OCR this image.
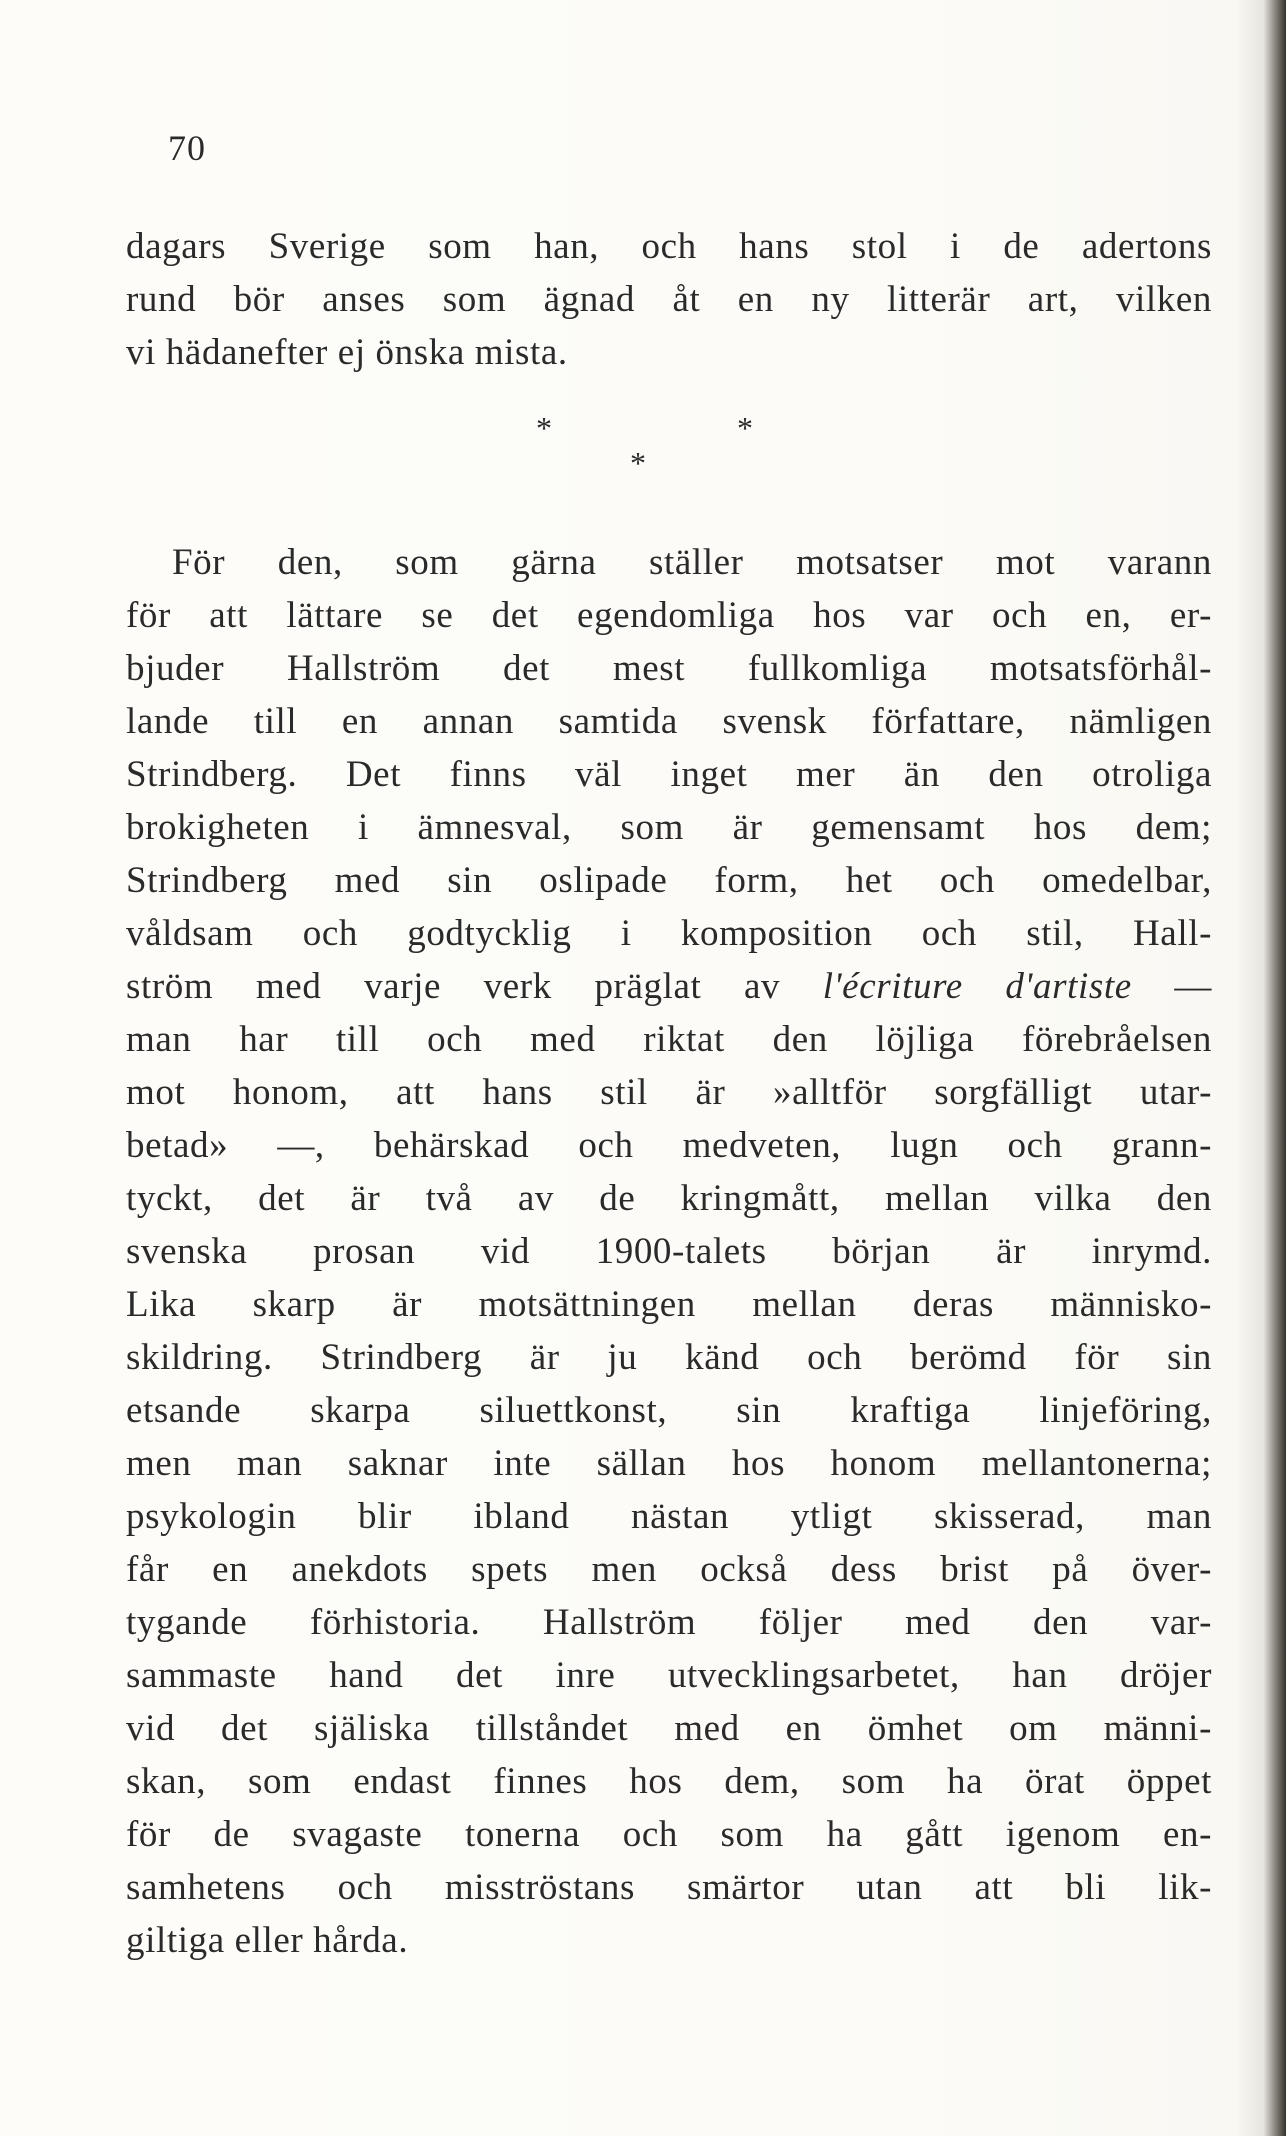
70
dagars Sverige som han, och hans stol i de adertons
rund bör anses som ägnad åt en ny litterär art, vilken
vi hädanefter ej önska mista.
*	*
*
För den, som gärna ställer motsatser mot varann
för att lättare se det egendomliga hos var och en, er-
bjuder Hallström det mest fullkomliga motsatsförhål-
lande till en annan samtida svensk författare, nämligen
Strindberg. Det finns väl inget mer än den otroliga
brokigheten i ämnesval, som är gemensamt hos dem;
Strindberg med sin oslipade form, het och omedelbar,
våldsam och godtycklig i komposition och stil, Hall-
ström med varje verk präglat av l'écriture d'artiste —
man har till och med riktat den löjliga förebråelsen
mot honom, att hans stil är »alltför sorgfälligt utar-
betad» —, behärskad och medveten, lugn och grann-
tyckt, det är två av de kringmått, mellan vilka den
svenska prosan vid 1900-talets början är inrymd.
Lika skarp är motsättningen mellan deras människo-
skildring. Strindberg är ju känd och berömd för sin
etsande skarpa siluettkonst, sin kraftiga linjeföring,
men man saknar inte sällan hos honom mellantonerna;
psykologin blir ibland nästan ytligt skisserad, man
får en anekdots spets men också dess brist på över-
tygande förhistoria. Hallström följer med den var-
sammaste hand det inre utvecklingsarbetet, han dröjer
vid det själiska tillståndet med en ömhet om männi-
skan, som endast finnes hos dem, som ha örat öppet
för de svagaste tonerna och som ha gått igenom en-
samhetens och misströstans smärtor utan att bli lik-
giltiga eller hårda.
